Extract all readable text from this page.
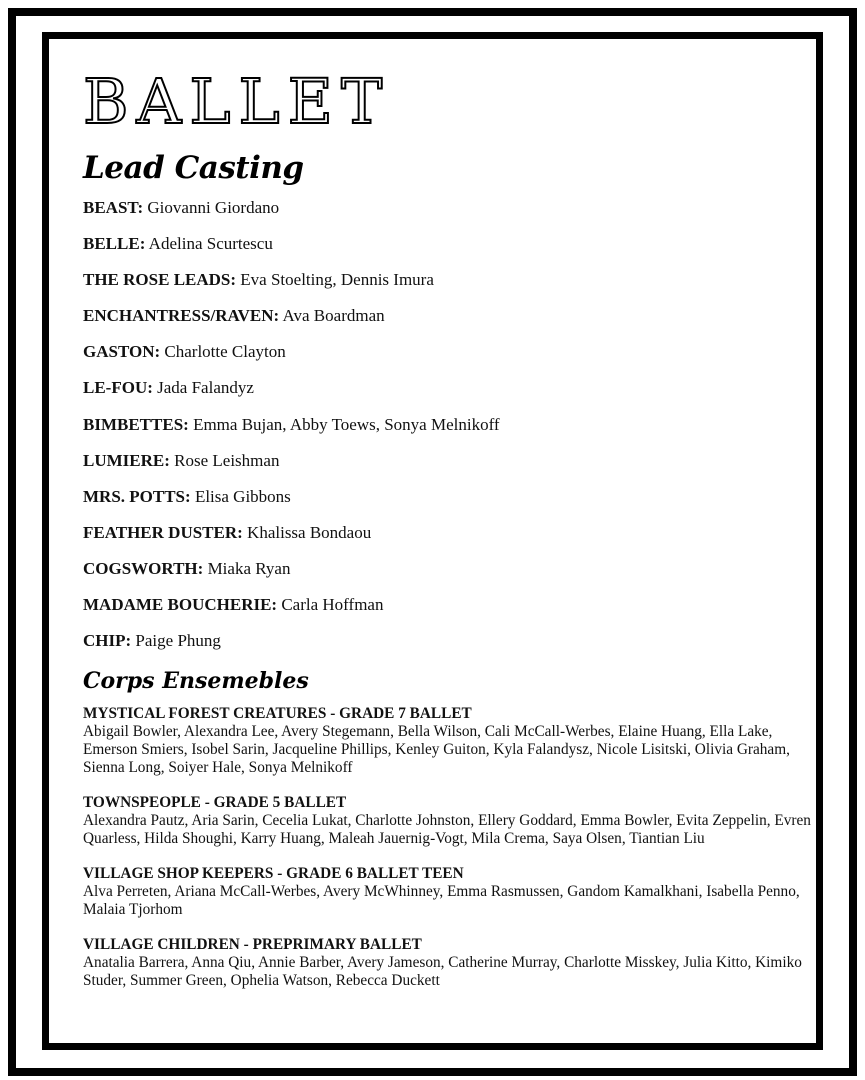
BALLET
Lead Casting
BEAST: Giovanni Giordano
BELLE: Adelina Scurtescu
THE ROSE LEADS: Eva Stoelting, Dennis Imura
ENCHANTRESS/RAVEN: Ava Boardman
GASTON: Charlotte Clayton
LE-FOU: Jada Falandyz
BIMBETTES: Emma Bujan, Abby Toews, Sonya Melnikoff
LUMIERE: Rose Leishman
MRS. POTTS: Elisa Gibbons
FEATHER DUSTER: Khalissa Bondaou
COGSWORTH: Miaka Ryan
MADAME BOUCHERIE: Carla Hoffman
CHIP: Paige Phung
Corps Ensemebles
MYSTICAL FOREST CREATURES - GRADE 7 BALLET
Abigail Bowler, Alexandra Lee, Avery Stegemann, Bella Wilson, Cali McCall-Werbes, Elaine Huang, Ella Lake, Emerson Smiers, Isobel Sarin, Jacqueline Phillips, Kenley Guiton, Kyla Falandysz, Nicole Lisitski, Olivia Graham, Sienna Long, Soiyer Hale, Sonya Melnikoff
TOWNSPEOPLE - GRADE 5 BALLET
Alexandra Pautz, Aria Sarin, Cecelia Lukat, Charlotte Johnston, Ellery Goddard, Emma Bowler, Evita Zeppelin, Evren Quarless, Hilda Shoughi, Karry Huang, Maleah Jauernig-Vogt, Mila Crema, Saya Olsen, Tiantian Liu
VILLAGE SHOP KEEPERS - GRADE 6 BALLET TEEN
Alva Perreten, Ariana McCall-Werbes, Avery McWhinney, Emma Rasmussen, Gandom Kamalkhani, Isabella Penno, Malaia Tjorhom
VILLAGE CHILDREN - PREPRIMARY BALLET
Anatalia Barrera, Anna Qiu, Annie Barber, Avery Jameson, Catherine Murray, Charlotte Misskey, Julia Kitto, Kimiko Studer, Summer Green, Ophelia Watson, Rebecca Duckett
